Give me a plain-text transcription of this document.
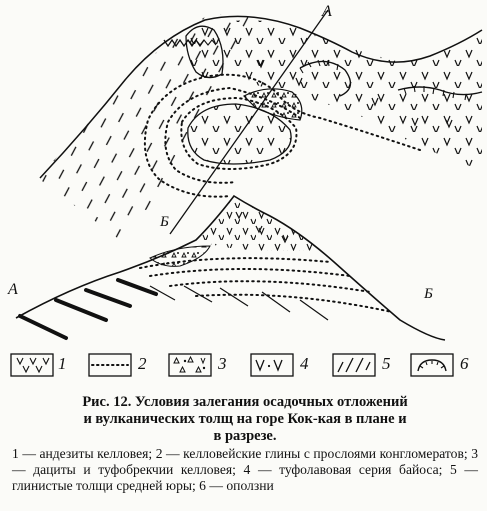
A
Б
А	Б
1	2	3	4	5	6
Рис. 12. Условия залегания осадочных отложений
и вулканических толщ на горе Кок-кая в плане и
в разрезе.
1 — андезиты келловея; 2 — келловейские глины с прослоями конгломератов; 3 — дациты и туфобрекчии келловея; 4 — туфолавовая серия байоса; 5 — глинистые толщи средней юры; 6 — оползни
